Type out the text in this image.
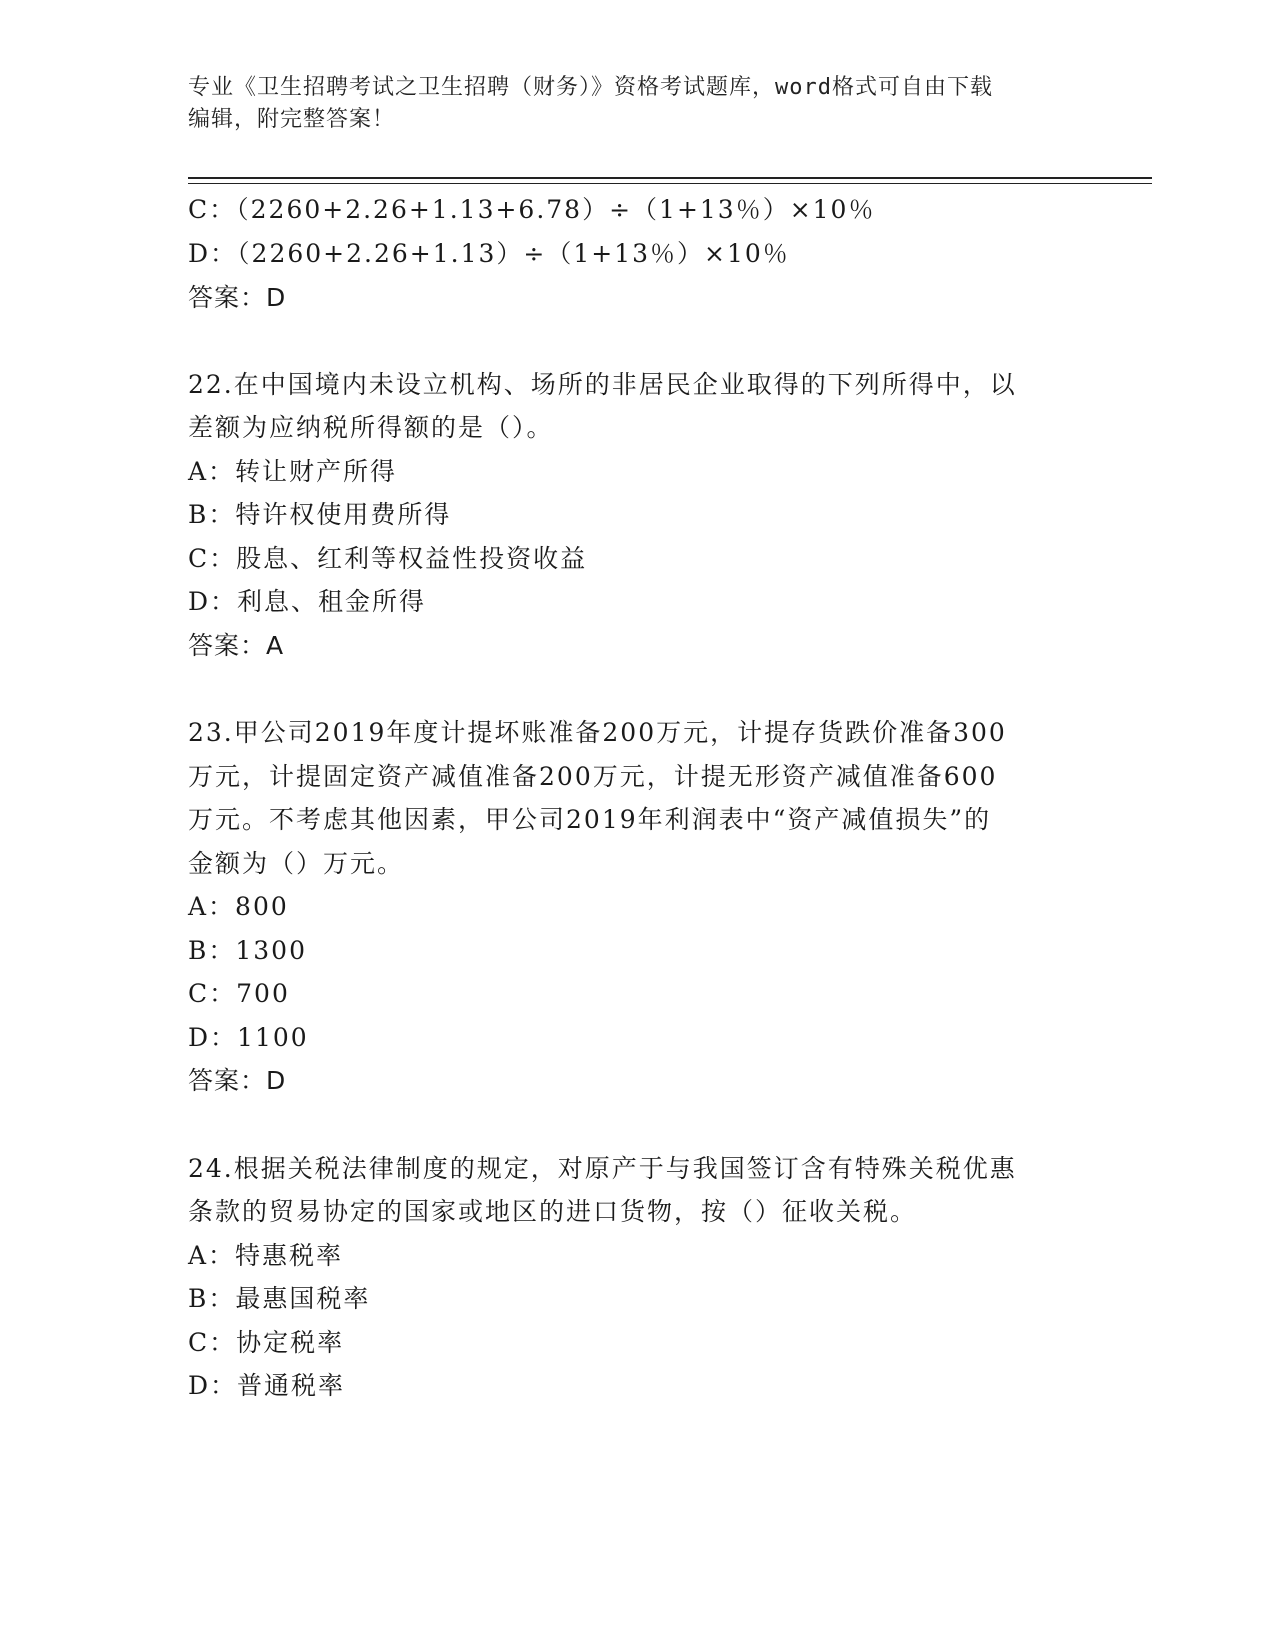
专业《卫生招聘考试之卫生招聘（财务）》资格考试题库，word格式可自由下载
编辑，附完整答案！
C：（2260+2.26+1.13+6.78）÷（1+13％）×10％
D：（2260+2.26+1.13）÷（1+13％）×10％
答案：D
22.在中国境内未设立机构、场所的非居民企业取得的下列所得中，以
差额为应纳税所得额的是（）。
A：转让财产所得
B：特许权使用费所得
C：股息、红利等权益性投资收益
D：利息、租金所得
答案：A
23.甲公司2019年度计提坏账准备200万元，计提存货跌价准备300
万元，计提固定资产减值准备200万元，计提无形资产减值准备600
万元。不考虑其他因素，甲公司2019年利润表中“资产减值损失”的
金额为（）万元。
A：800
B：1300
C：700
D：1100
答案：D
24.根据关税法律制度的规定，对原产于与我国签订含有特殊关税优惠
条款的贸易协定的国家或地区的进口货物，按（）征收关税。
A：特惠税率
B：最惠国税率
C：协定税率
D：普通税率
